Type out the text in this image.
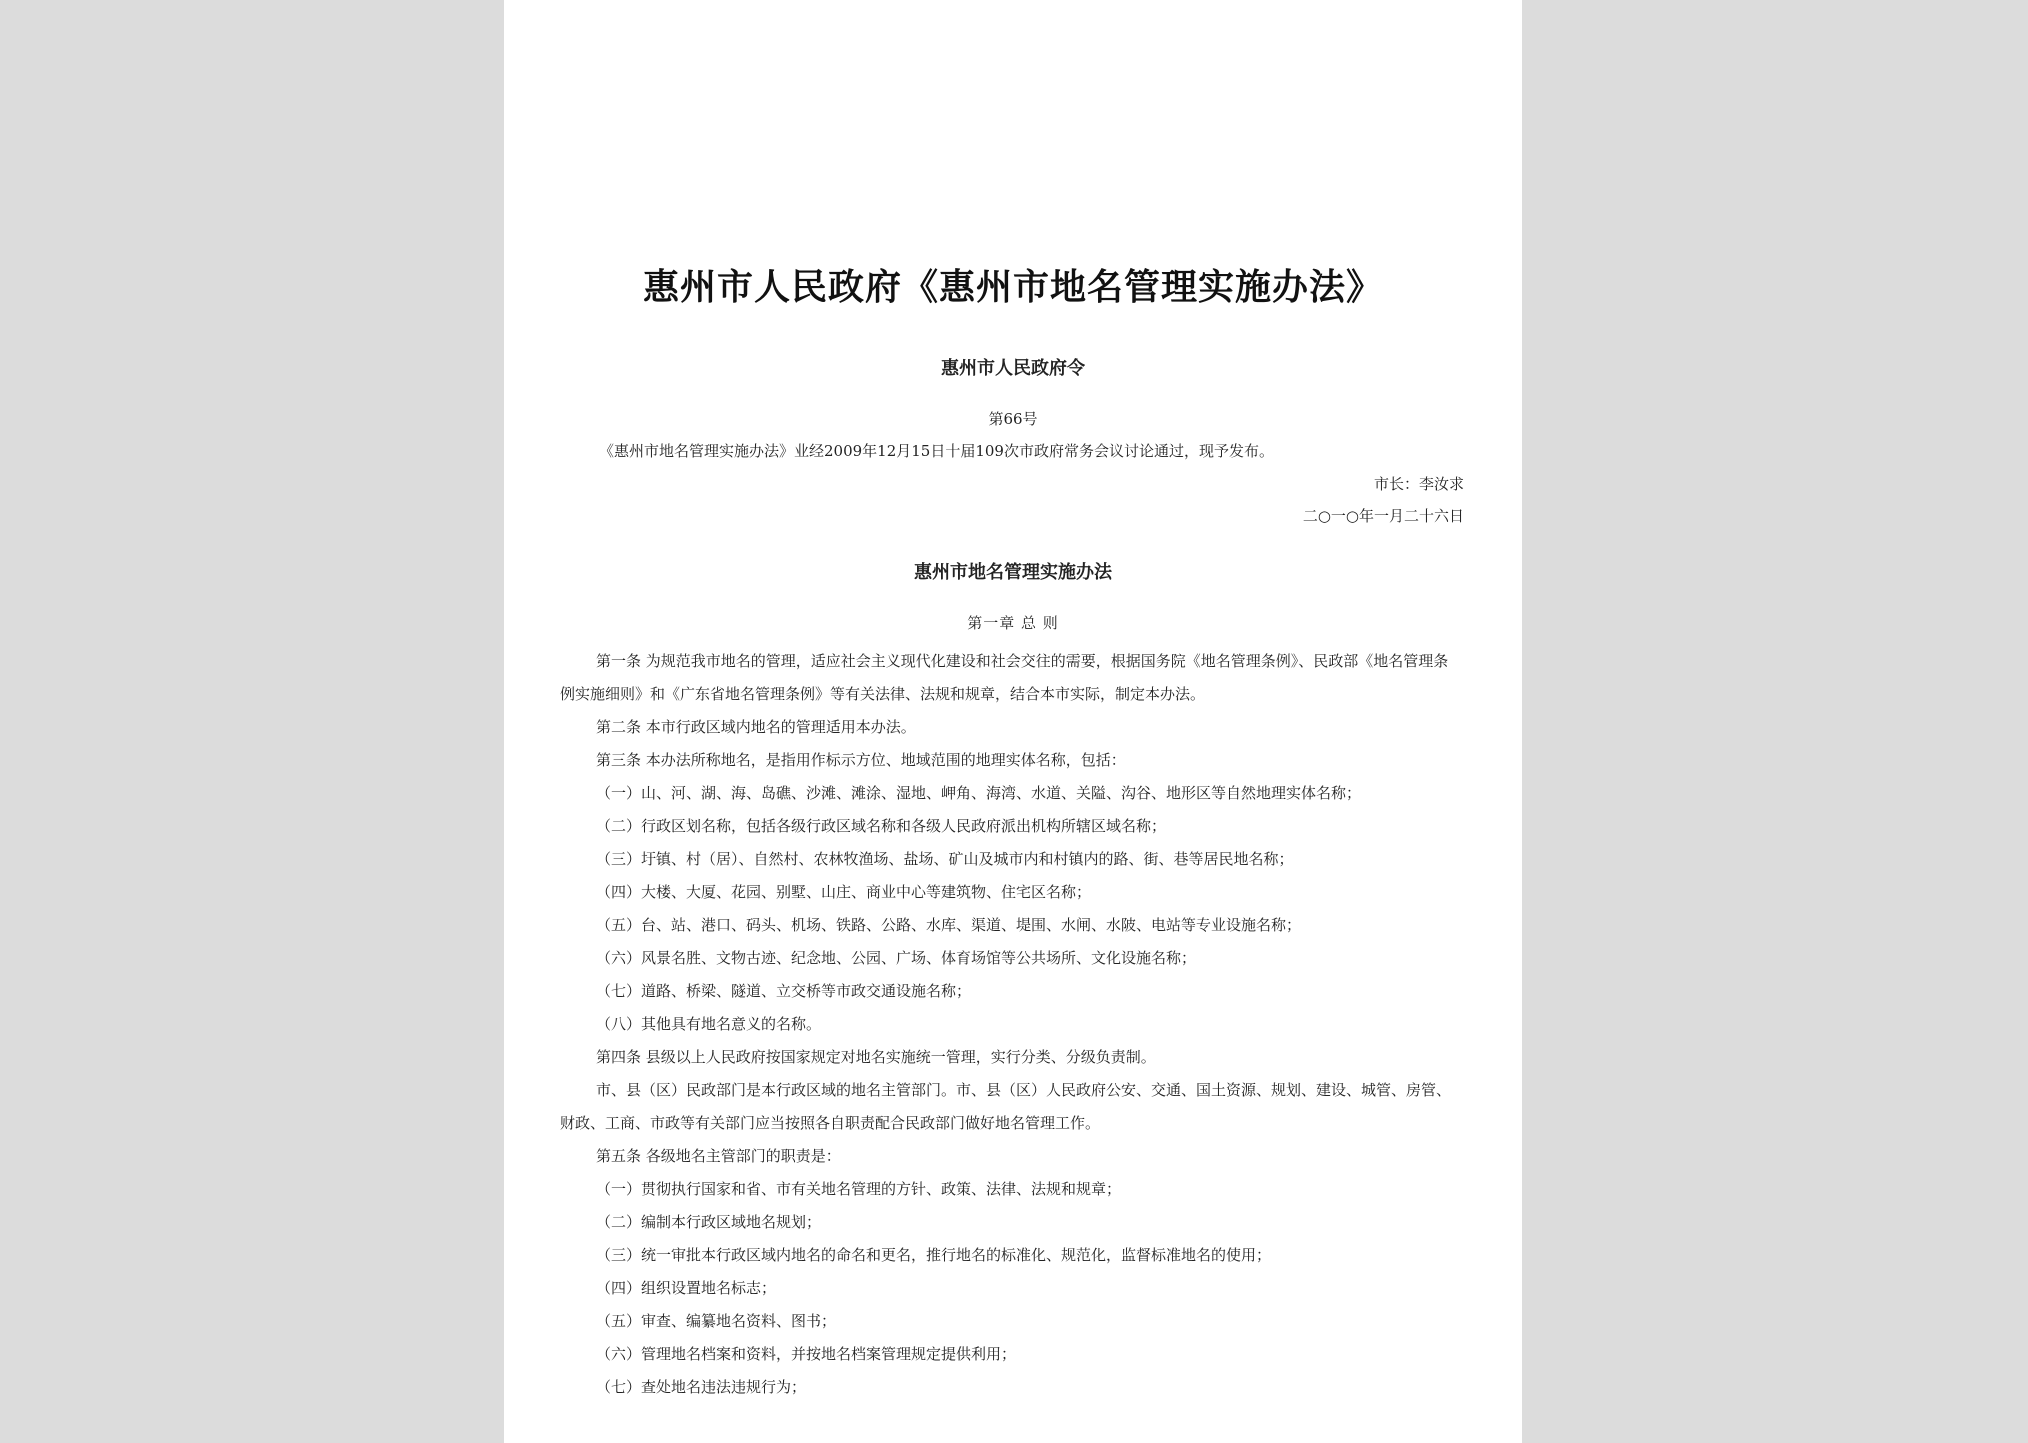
惠州市人民政府《惠州市地名管理实施办法》
惠州市人民政府令
第66号
《惠州市地名管理实施办法》业经2009年12月15日十届109次市政府常务会议讨论通过，现予发布。
市长：李汝求
二○一○年一月二十六日
惠州市地名管理实施办法
第一章 总 则

第一条 为规范我市地名的管理，适应社会主义现代化建设和社会交往的需要，根据国务院《地名管理条例》、民政部《地名管理条例实施细则》和《广东省地名管理条例》等有关法律、法规和规章，结合本市实际，制定本办法。

第二条 本市行政区域内地名的管理适用本办法。

第三条 本办法所称地名，是指用作标示方位、地域范围的地理实体名称，包括：

（一）山、河、湖、海、岛礁、沙滩、滩涂、湿地、岬角、海湾、水道、关隘、沟谷、地形区等自然地理实体名称；

（二）行政区划名称，包括各级行政区域名称和各级人民政府派出机构所辖区域名称；

（三）圩镇、村（居）、自然村、农林牧渔场、盐场、矿山及城市内和村镇内的路、街、巷等居民地名称；

（四）大楼、大厦、花园、别墅、山庄、商业中心等建筑物、住宅区名称；

（五）台、站、港口、码头、机场、铁路、公路、水库、渠道、堤围、水闸、水陂、电站等专业设施名称；

（六）风景名胜、文物古迹、纪念地、公园、广场、体育场馆等公共场所、文化设施名称；

（七）道路、桥梁、隧道、立交桥等市政交通设施名称；

（八）其他具有地名意义的名称。

第四条 县级以上人民政府按国家规定对地名实施统一管理，实行分类、分级负责制。

市、县（区）民政部门是本行政区域的地名主管部门。市、县（区）人民政府公安、交通、国土资源、规划、建设、城管、房管、财政、工商、市政等有关部门应当按照各自职责配合民政部门做好地名管理工作。

第五条 各级地名主管部门的职责是：

（一）贯彻执行国家和省、市有关地名管理的方针、政策、法律、法规和规章；

（二）编制本行政区域地名规划；

（三）统一审批本行政区域内地名的命名和更名，推行地名的标准化、规范化，监督标准地名的使用；

（四）组织设置地名标志；

（五）审查、编纂地名资料、图书；

（六）管理地名档案和资料，并按地名档案管理规定提供利用；

（七）查处地名违法违规行为；
